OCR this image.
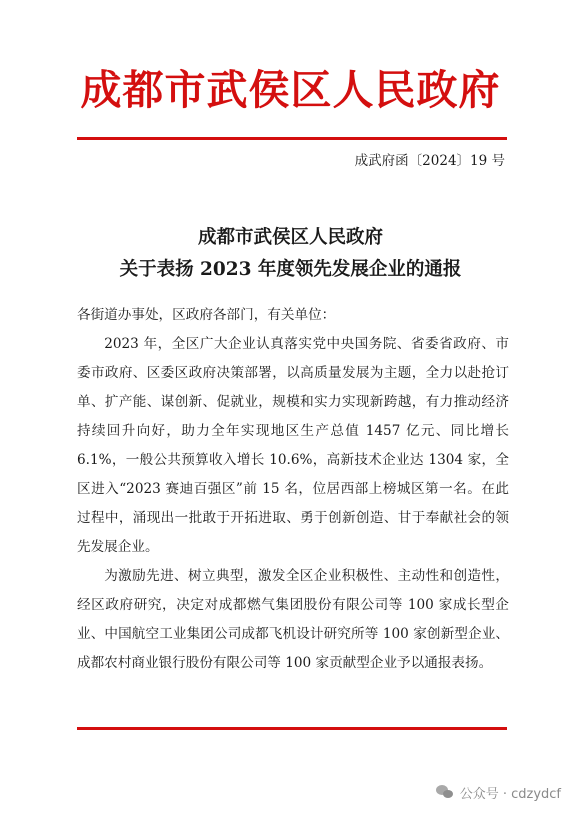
成都市武侯区人民政府
成武府函〔2024〕19 号
成都市武侯区人民政府
关于表扬 2023 年度领先发展企业的通报

各街道办事处，区政府各部门，有关单位：

2023 年，全区广大企业认真落实党中央国务院、省委省政府、市委市政府、区委区政府决策部署，以高质量发展为主题，全力以赴抢订单、扩产能、谋创新、促就业，规模和实力实现新跨越，有力推动经济持续回升向好，助力全年实现地区生产总值 1457 亿元、同比增长 6.1%，一般公共预算收入增长 10.6%，高新技术企业达 1304 家，全区进入“2023 赛迪百强区”前 15 名，位居西部上榜城区第一名。在此过程中，涌现出一批敢于开拓进取、勇于创新创造、甘于奉献社会的领先发展企业。

为激励先进、树立典型，激发全区企业积极性、主动性和创造性，经区政府研究，决定对成都燃气集团股份有限公司等 100 家成长型企业、中国航空工业集团公司成都飞机设计研究所等 100 家创新型企业、成都农村商业银行股份有限公司等 100 家贡献型企业予以通报表扬。

公众号 · cdzydcf
